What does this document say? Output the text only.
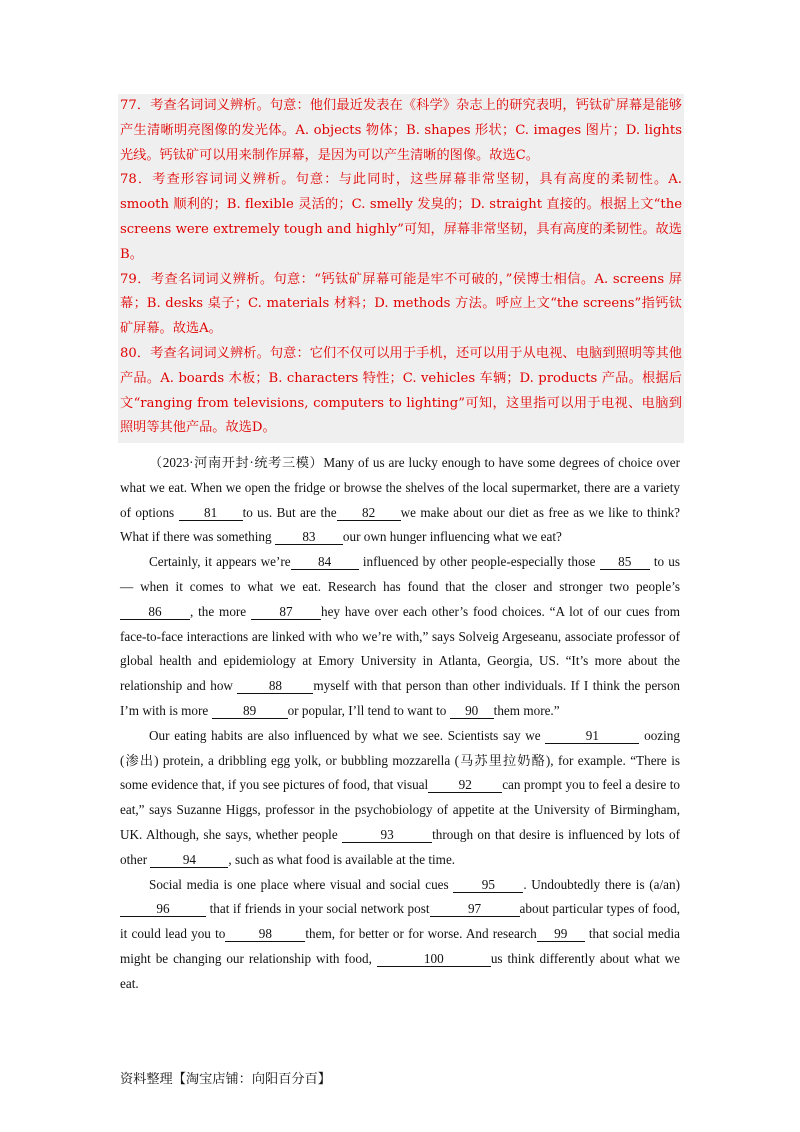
77．考查名词词义辨析。句意：他们最近发表在《科学》杂志上的研究表明，钙钛矿屏幕是能够产生清晰明亮图像的发光体。A. objects 物体；B. shapes 形状；C. images 图片；D. lights 光线。钙钛矿可以用来制作屏幕，是因为可以产生清晰的图像。故选C。

78．考查形容词词义辨析。句意：与此同时，这些屏幕非常坚韧，具有高度的柔韧性。A. smooth 顺利的；B. flexible 灵活的；C. smelly 发臭的；D. straight 直接的。根据上文“the screens were extremely tough and highly”可知，屏幕非常坚韧，具有高度的柔韧性。故选B。

79．考查名词词义辨析。句意：“钙钛矿屏幕可能是牢不可破的，”侯博士相信。A. screens 屏幕；B. desks 桌子；C. materials 材料；D. methods 方法。呼应上文“the screens”指钙钛矿屏幕。故选A。

80．考查名词词义辨析。句意：它们不仅可以用于手机，还可以用于从电视、电脑到照明等其他产品。A. boards 木板；B. characters 特性；C. vehicles 车辆；D. products 产品。根据后文“ranging from televisions, computers to lighting”可知，这里指可以用于电视、电脑到照明等其他产品。故选D。

（2023·河南开封·统考三模）Many of us are lucky enough to have some degrees of choice over what we eat. When we open the fridge or browse the shelves of the local supermarket, there are a variety of options 81 to us. But are the 82 we make about our diet as free as we like to think? What if there was something 83 our own hunger influencing what we eat?

Certainly, it appears we’re 84 influenced by other people-especially those 85 to us — when it comes to what we eat. Research has found that the closer and stronger two people’s 86 , the more	87 hey have over each other’s food choices. “A lot of our cues from face-to-face interactions are linked with who we’re with,” says Solveig Argeseanu, associate professor of global health and epidemiology at Emory University in Atlanta, Georgia, US. “It’s more about the relationship and how	88 myself with that person than other individuals. If I think the person I’m with is more	89 or popular, I’ll tend to want to 90 them more.”

Our eating habits are also influenced by what we see. Scientists say we	91	oozing (渗出) protein, a dribbling egg yolk, or bubbling mozzarella (马苏里拉奶酪), for example. “There is some evidence that, if you see pictures of food, that visual 92 can prompt you to feel a desire to eat,” says Suzanne Higgs, professor in the psychobiology of appetite at the University of Birmingham, UK. Although, she says, whether people	93	through on that desire is influenced by lots of other	94 , such as what food is available at the time.

Social media is one place where visual and social cues	95 . Undoubtedly there is (a/an)96	that if friends in your social network post	97	about particular types of food, it could lead you to	98	them, for better or for worse. And research 99 that social media might be changing our relationship with food,	100	us think differently about what we eat.

资料整理【淘宝店铺：向阳百分百】
